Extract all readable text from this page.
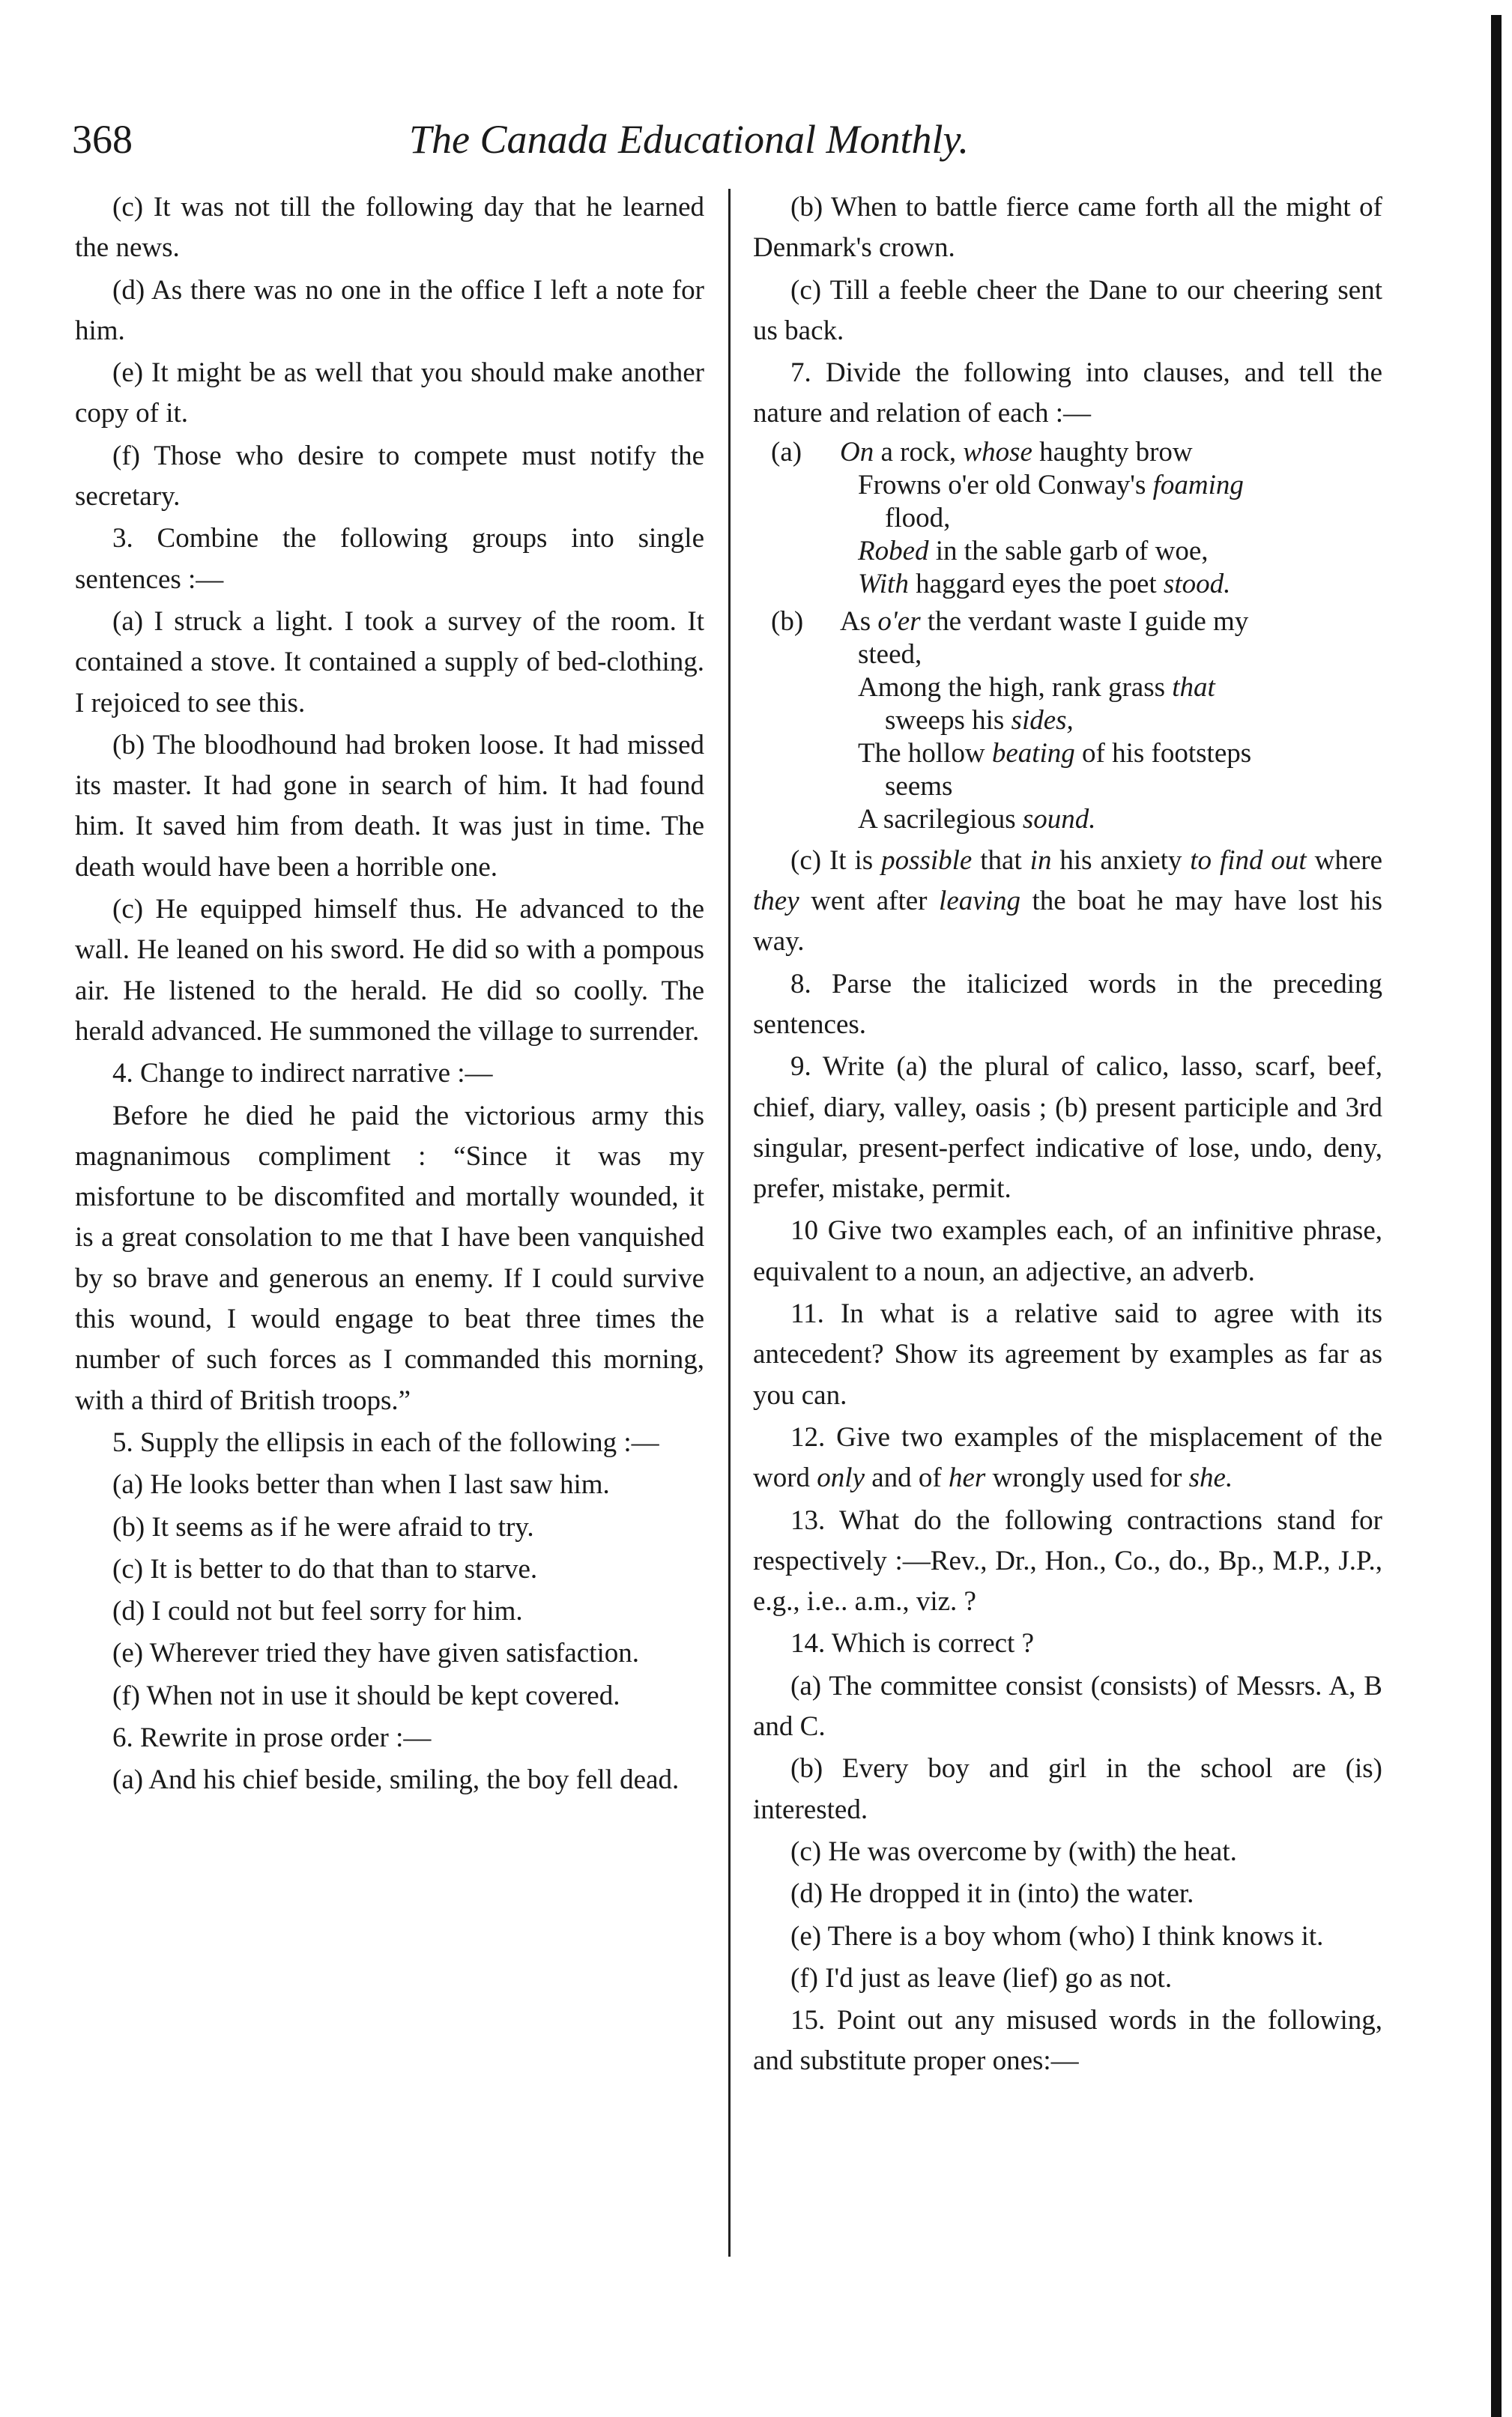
368	The Canada Educational Monthly.

(c) It was not till the following day that he learned the news.

(d) As there was no one in the office I left a note for him.

(e) It might be as well that you should make another copy of it.

(f) Those who desire to compete must notify the secretary.

3. Combine the following groups into single sentences :—

(a) I struck a light. I took a survey of the room. It contained a stove. It contained a supply of bed-clothing. I rejoiced to see this.

(b) The bloodhound had broken loose. It had missed its master. It had gone in search of him. It had found him. It saved him from death. It was just in time. The death would have been a horrible one.

(c) He equipped himself thus. He advanced to the wall. He leaned on his sword. He did so with a pompous air. He listened to the herald. He did so coolly. The herald advanced. He summoned the village to surrender.

4. Change to indirect narrative :—

Before he died he paid the victorious army this magnanimous compliment : “Since it was my misfortune to be discomfited and mortally wounded, it is a great consolation to me that I have been vanquished by so brave and generous an enemy. If I could survive this wound, I would engage to beat three times the number of such forces as I commanded this morning, with a third of British troops.”

5. Supply the ellipsis in each of the following :—

(a) He looks better than when I last saw him.

(b) It seems as if he were afraid to try.

(c) It is better to do that than to starve.

(d) I could not but feel sorry for him.

(e) Wherever tried they have given satisfaction.

(f) When not in use it should be kept covered.

6. Rewrite in prose order :—

(a) And his chief beside, smiling, the boy fell dead.

(b) When to battle fierce came forth all the might of Denmark's crown.

(c) Till a feeble cheer the Dane to our cheering sent us back.

7. Divide the following into clauses, and tell the nature and relation of each :—

(a) On a rock, whose haughty brow
Frowns o'er old Conway's foaming
flood,
Robed in the sable garb of woe,
With haggard eyes the poet stood.
(b) As o'er the verdant waste I guide my
steed,
Among the high, rank grass that
sweeps his sides,
The hollow beating of his footsteps
seems
A sacrilegious sound.

(c) It is possible that in his anxiety to find out where they went after leaving the boat he may have lost his way.

8. Parse the italicized words in the preceding sentences.

9. Write (a) the plural of calico, lasso, scarf, beef, chief, diary, valley, oasis ; (b) present participle and 3rd singular, present-perfect indicative of lose, undo, deny, prefer, mistake, permit.

10 Give two examples each, of an infinitive phrase, equivalent to a noun, an adjective, an adverb.

11. In what is a relative said to agree with its antecedent? Show its agreement by examples as far as you can.

12. Give two examples of the misplacement of the word only and of her wrongly used for she.

13. What do the following contractions stand for respectively :—Rev., Dr., Hon., Co., do., Bp., M.P., J.P., e.g., i.e.. a.m., viz. ?

14. Which is correct ?

(a) The committee consist (consists) of Messrs. A, B and C.

(b) Every boy and girl in the school are (is) interested.

(c) He was overcome by (with) the heat.

(d) He dropped it in (into) the water.

(e) There is a boy whom (who) I think knows it.

(f) I'd just as leave (lief) go as not.

15. Point out any misused words in the following, and substitute proper ones:—
